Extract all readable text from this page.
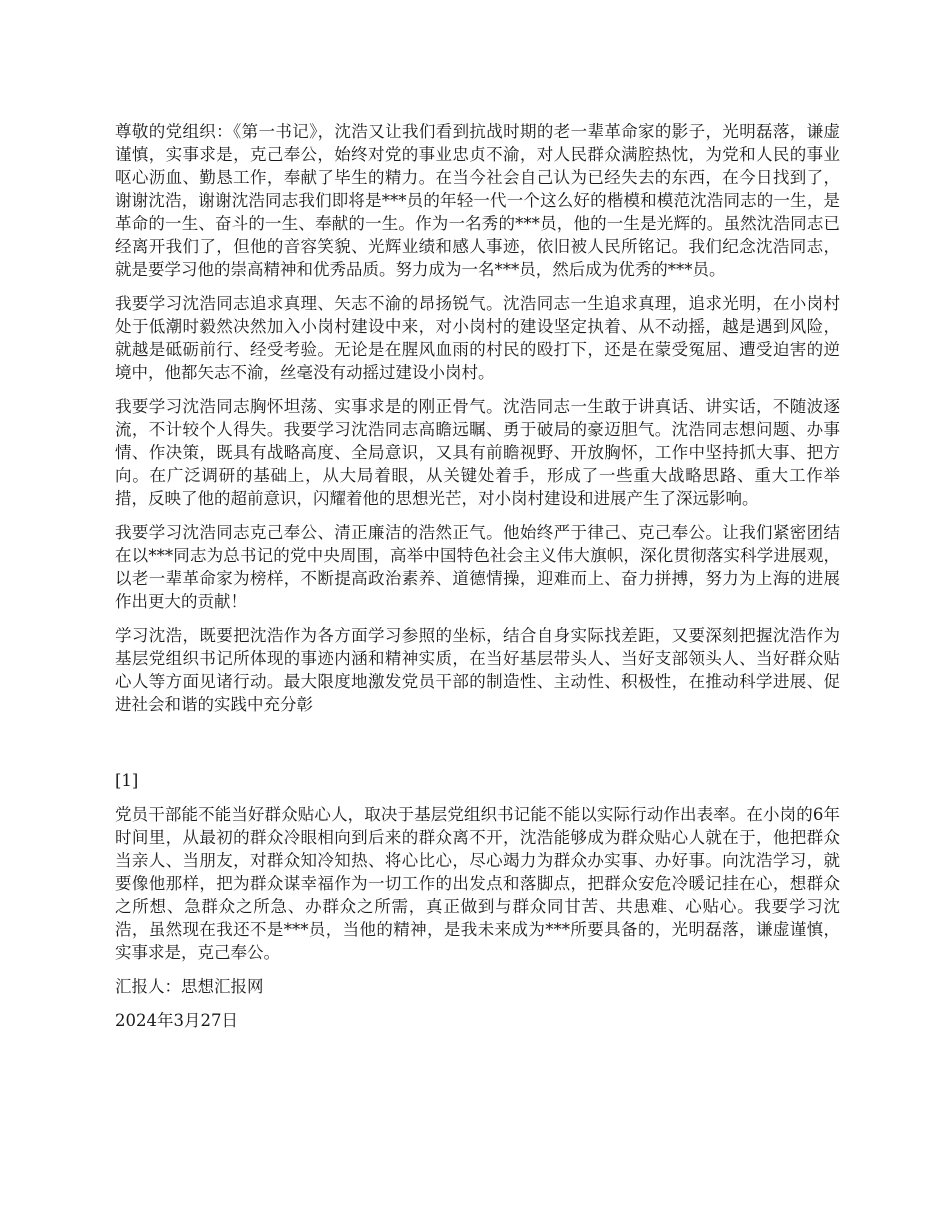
尊敬的党组织：《第一书记》，沈浩又让我们看到抗战时期的老一辈革命家的影子，光明磊落，谦虚谨慎，实事求是，克己奉公，始终对党的事业忠贞不渝，对人民群众满腔热忱，为党和人民的事业呕心沥血、勤恳工作，奉献了毕生的精力。在当今社会自己认为已经失去的东西，在今日找到了，谢谢沈浩，谢谢沈浩同志我们即将是***员的年轻一代一个这么好的楷模和模范沈浩同志的一生，是革命的一生、奋斗的一生、奉献的一生。作为一名秀的***员，他的一生是光辉的。虽然沈浩同志已经离开我们了，但他的音容笑貌、光辉业绩和感人事迹，依旧被人民所铭记。我们纪念沈浩同志，就是要学习他的崇高精神和优秀品质。努力成为一名***员，然后成为优秀的***员。

我要学习沈浩同志追求真理、矢志不渝的昂扬锐气。沈浩同志一生追求真理，追求光明，在小岗村处于低潮时毅然决然加入小岗村建设中来，对小岗村的建设坚定执着、从不动摇，越是遇到风险，就越是砥砺前行、经受考验。无论是在腥风血雨的村民的殴打下，还是在蒙受冤屈、遭受迫害的逆境中，他都矢志不渝，丝毫没有动摇过建设小岗村。

我要学习沈浩同志胸怀坦荡、实事求是的刚正骨气。沈浩同志一生敢于讲真话、讲实话，不随波逐流，不计较个人得失。我要学习沈浩同志高瞻远瞩、勇于破局的豪迈胆气。沈浩同志想问题、办事情、作决策，既具有战略高度、全局意识，又具有前瞻视野、开放胸怀，工作中坚持抓大事、把方向。在广泛调研的基础上，从大局着眼，从关键处着手，形成了一些重大战略思路、重大工作举措，反映了他的超前意识，闪耀着他的思想光芒，对小岗村建设和进展产生了深远影响。

我要学习沈浩同志克己奉公、清正廉洁的浩然正气。他始终严于律己、克己奉公。让我们紧密团结在以***同志为总书记的党中央周围，高举中国特色社会主义伟大旗帜，深化贯彻落实科学进展观，以老一辈革命家为榜样，不断提高政治素养、道德情操，迎难而上、奋力拼搏，努力为上海的进展作出更大的贡献！

学习沈浩，既要把沈浩作为各方面学习参照的坐标，结合自身实际找差距，又要深刻把握沈浩作为基层党组织书记所体现的事迹内涵和精神实质，在当好基层带头人、当好支部领头人、当好群众贴心人等方面见诸行动。最大限度地激发党员干部的制造性、主动性、积极性，在推动科学进展、促进社会和谐的实践中充分彰

[1]

党员干部能不能当好群众贴心人，取决于基层党组织书记能不能以实际行动作出表率。在小岗的6年时间里，从最初的群众冷眼相向到后来的群众离不开，沈浩能够成为群众贴心人就在于，他把群众当亲人、当朋友，对群众知冷知热、将心比心，尽心竭力为群众办实事、办好事。向沈浩学习，就要像他那样，把为群众谋幸福作为一切工作的出发点和落脚点，把群众安危冷暖记挂在心，想群众之所想、急群众之所急、办群众之所需，真正做到与群众同甘苦、共患难、心贴心。我要学习沈浩，虽然现在我还不是***员，当他的精神，是我未来成为***所要具备的，光明磊落，谦虚谨慎，实事求是，克己奉公。

汇报人：思想汇报网

2024年3月27日
